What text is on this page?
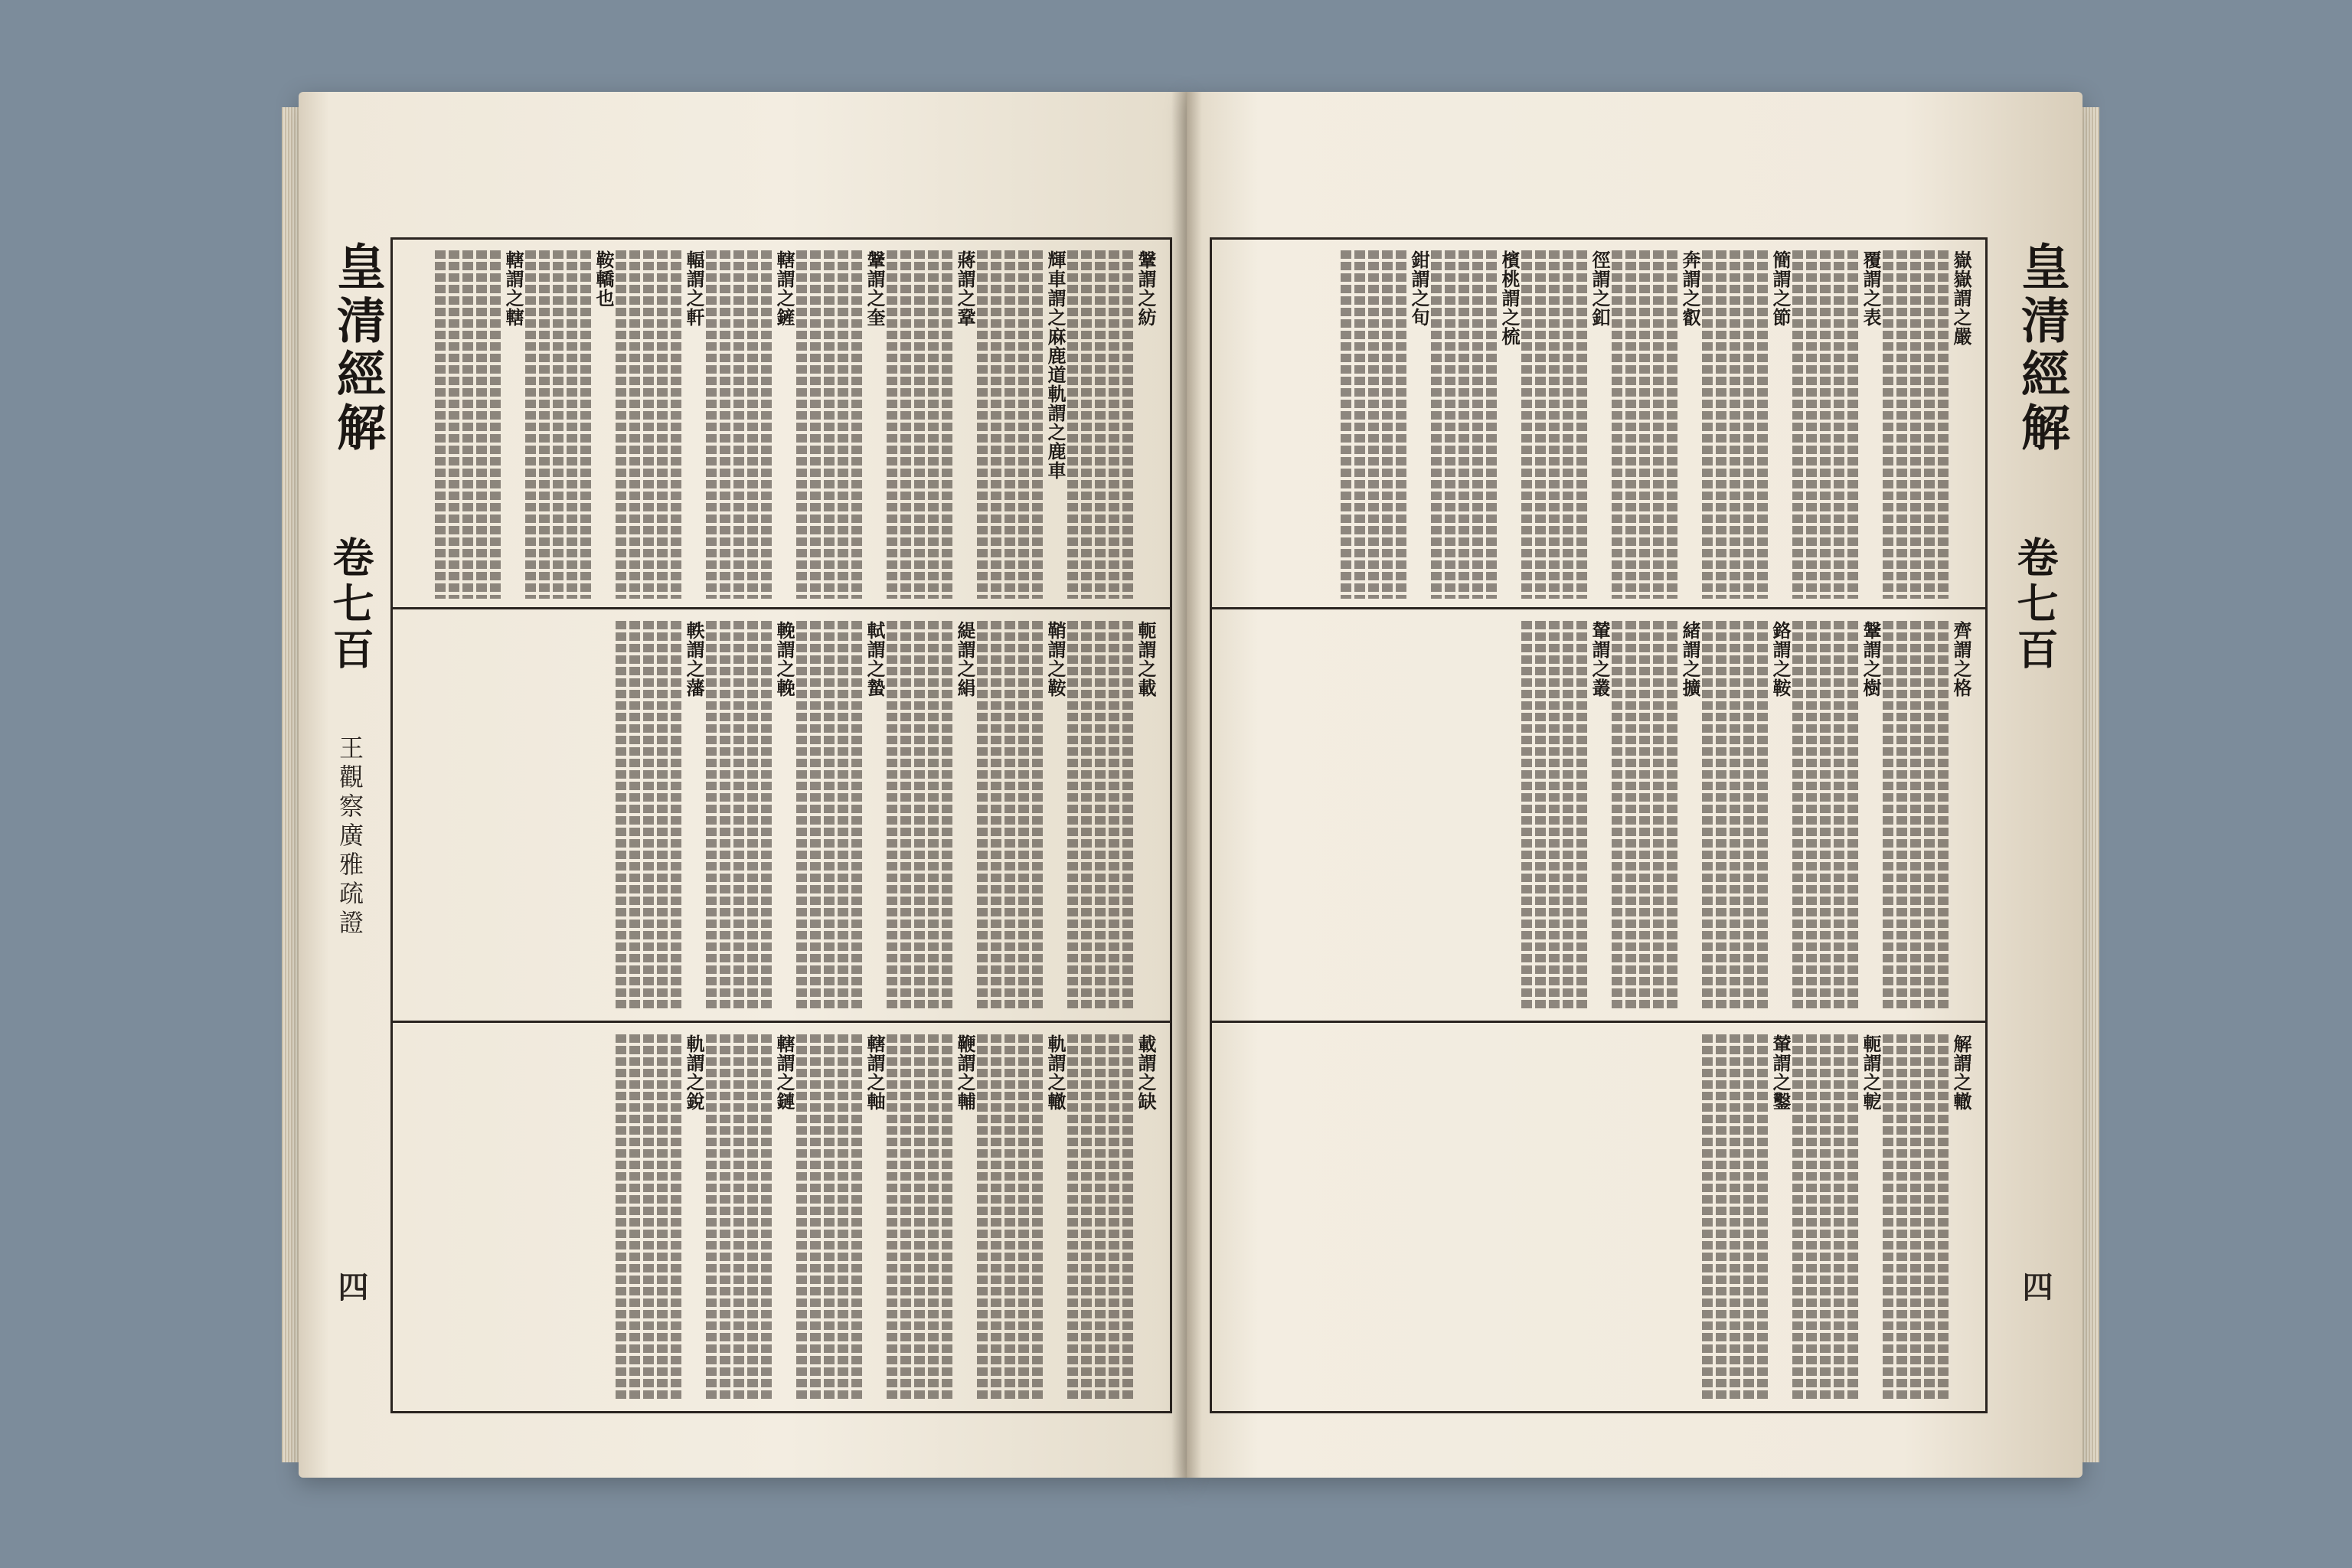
鞶謂之紡
輝車謂之麻鹿道軌謂之鹿車
蔣謂之鞏
鞶謂之奎
轄謂之鏟
輻謂之軒
鞍轎也
轄謂之轄
軛謂之載
鞘謂之鞍
緹謂之絹
軾謂之蟄
輓謂之輓
軼謂之藩
載謂之缺
軌謂之轍
鞭謂之輔
轄謂之軸
轄謂之鏈
軌謂之銳
皇清經解
卷七百
王觀察廣雅疏證
四
嶽嶽謂之嚴
覆謂之表
簡謂之節
奔謂之叡
徑謂之釦
檳桃謂之梳
鉗謂之旬
齊謂之格
鞶謂之樹
鉻謂之鞍
緒謂之擴
輦謂之叢
解謂之轍
軛謂之軶
輦謂之鑿
皇清經解
卷七百
四
